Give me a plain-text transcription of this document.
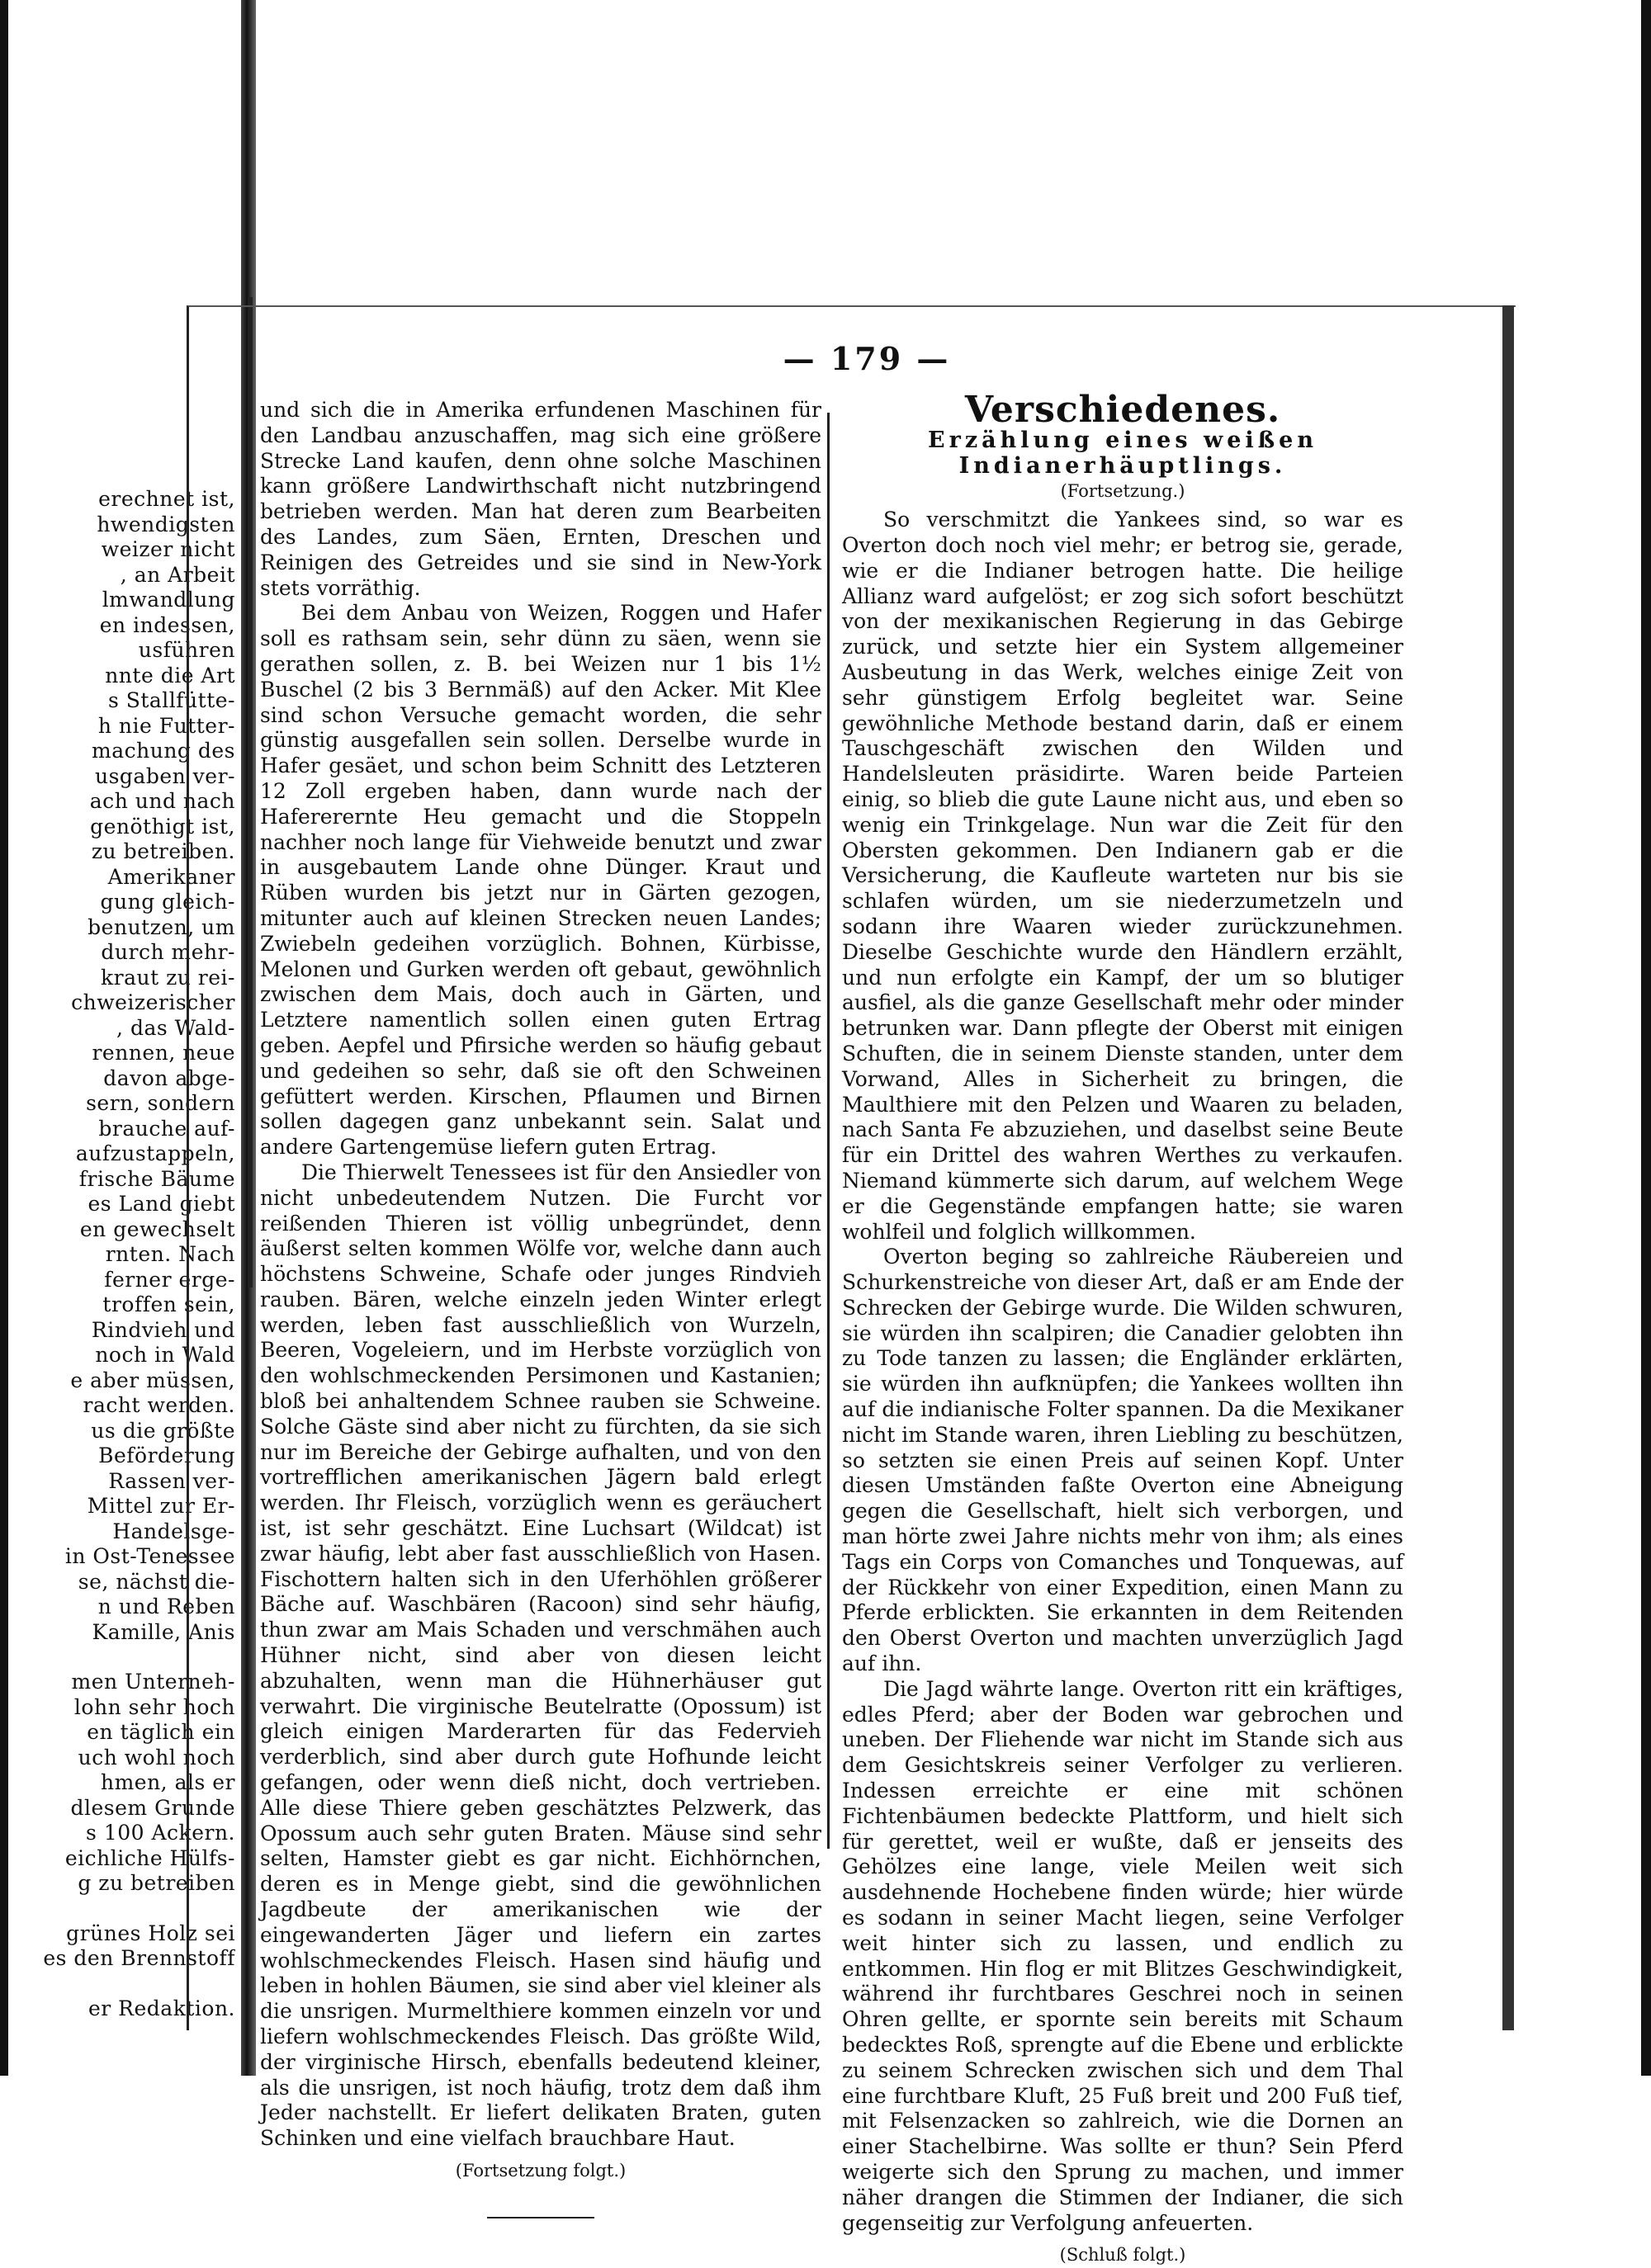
erechnet ist,
hwendigsten
weizer nicht
, an Arbeit
lmwandlung
en indessen,
usführen
nnte die Art
s Stallfütte-
h nie Futter-
machung des
usgaben ver-
ach und nach
genöthigt ist,
zu betreiben.
Amerikaner
gung gleich-
benutzen, um
durch mehr-
kraut zu rei-
chweizerischer
, das Wald-
rennen, neue
davon abge-
sern, sondern
brauche auf-
aufzustappeln,
frische Bäume
es Land giebt
en gewechselt
rnten. Nach
ferner erge-
troffen sein,
Rindvieh und
noch in Wald
e aber müssen,
racht werden.
us die größte
Beförderung
Rassen ver-
Mittel zur Er-
Handelsge-
in Ost-Tenessee
se, nächst die-
n und Reben
Kamille, Anis
men Unterneh-
lohn sehr hoch
en täglich ein
uch wohl noch
hmen, als er
dlesem Grunde
s 100 Ackern.
eichliche Hülfs-
g zu betreiben
grünes Holz sei
es den Brennstoff
er Redaktion.
— 179 —

und sich die in Amerika erfundenen Maschinen für den Landbau anzuschaffen, mag sich eine größere Strecke Land kaufen, denn ohne solche Maschinen kann größere Landwirthschaft nicht nutzbringend betrieben werden. Man hat deren zum Bearbeiten des Landes, zum Säen, Ernten, Dreschen und Reinigen des Getreides und sie sind in New-York stets vorräthig.

Bei dem Anbau von Weizen, Roggen und Hafer soll es rathsam sein, sehr dünn zu säen, wenn sie gerathen sollen, z. B. bei Weizen nur 1 bis 1½ Buschel (2 bis 3 Bernmäß) auf den Acker. Mit Klee sind schon Versuche gemacht worden, die sehr günstig ausgefallen sein sollen. Derselbe wurde in Hafer gesäet, und schon beim Schnitt des Letzteren 12 Zoll ergeben haben, dann wurde nach der Hafererernte Heu gemacht und die Stoppeln nachher noch lange für Viehweide benutzt und zwar in ausgebautem Lande ohne Dünger. Kraut und Rüben wurden bis jetzt nur in Gärten gezogen, mitunter auch auf kleinen Strecken neuen Landes; Zwiebeln gedeihen vorzüglich. Bohnen, Kürbisse, Melonen und Gurken werden oft gebaut, gewöhnlich zwischen dem Mais, doch auch in Gärten, und Letztere namentlich sollen einen guten Ertrag geben. Aepfel und Pfirsiche werden so häufig gebaut und gedeihen so sehr, daß sie oft den Schweinen gefüttert werden. Kirschen, Pflaumen und Birnen sollen dagegen ganz unbekannt sein. Salat und andere Gartengemüse liefern guten Ertrag.

Die Thierwelt Tenessees ist für den Ansiedler von nicht unbedeutendem Nutzen. Die Furcht vor reißenden Thieren ist völlig unbegründet, denn äußerst selten kommen Wölfe vor, welche dann auch höchstens Schweine, Schafe oder junges Rindvieh rauben. Bären, welche einzeln jeden Winter erlegt werden, leben fast ausschließlich von Wurzeln, Beeren, Vogeleiern, und im Herbste vorzüglich von den wohlschmeckenden Persimonen und Kastanien; bloß bei anhaltendem Schnee rauben sie Schweine. Solche Gäste sind aber nicht zu fürchten, da sie sich nur im Bereiche der Gebirge aufhalten, und von den vortrefflichen amerikanischen Jägern bald erlegt werden. Ihr Fleisch, vorzüglich wenn es geräuchert ist, ist sehr geschätzt. Eine Luchsart (Wildcat) ist zwar häufig, lebt aber fast ausschließlich von Hasen. Fischottern halten sich in den Uferhöhlen größerer Bäche auf. Waschbären (Racoon) sind sehr häufig, thun zwar am Mais Schaden und verschmähen auch Hühner nicht, sind aber von diesen leicht abzuhalten, wenn man die Hühnerhäuser gut verwahrt. Die virginische Beutelratte (Opossum) ist gleich einigen Marderarten für das Federvieh verderblich, sind aber durch gute Hofhunde leicht gefangen, oder wenn dieß nicht, doch vertrieben. Alle diese Thiere geben geschätztes Pelzwerk, das Opossum auch sehr guten Braten. Mäuse sind sehr selten, Hamster giebt es gar nicht. Eichhörnchen, deren es in Menge giebt, sind die gewöhnlichen Jagdbeute der amerikanischen wie der eingewanderten Jäger und liefern ein zartes wohlschmeckendes Fleisch. Hasen sind häufig und leben in hohlen Bäumen, sie sind aber viel kleiner als die unsrigen. Murmelthiere kommen einzeln vor und liefern wohlschmeckendes Fleisch. Das größte Wild, der virginische Hirsch, ebenfalls bedeutend kleiner, als die unsrigen, ist noch häufig, trotz dem daß ihm Jeder nachstellt. Er liefert delikaten Braten, guten Schinken und eine vielfach brauchbare Haut.

(Fortsetzung folgt.)
Verschiedenes.
Erzählung eines weißen Indianerhäuptlings.
(Fortsetzung.)

So verschmitzt die Yankees sind, so war es Overton doch noch viel mehr; er betrog sie, gerade, wie er die Indianer betrogen hatte. Die heilige Allianz ward aufgelöst; er zog sich sofort beschützt von der mexikanischen Regierung in das Gebirge zurück, und setzte hier ein System allgemeiner Ausbeutung in das Werk, welches einige Zeit von sehr günstigem Erfolg begleitet war. Seine gewöhnliche Methode bestand darin, daß er einem Tauschgeschäft zwischen den Wilden und Handelsleuten präsidirte. Waren beide Parteien einig, so blieb die gute Laune nicht aus, und eben so wenig ein Trinkgelage. Nun war die Zeit für den Obersten gekommen. Den Indianern gab er die Versicherung, die Kaufleute warteten nur bis sie schlafen würden, um sie niederzumetzeln und sodann ihre Waaren wieder zurückzunehmen. Dieselbe Geschichte wurde den Händlern erzählt, und nun erfolgte ein Kampf, der um so blutiger ausfiel, als die ganze Gesellschaft mehr oder minder betrunken war. Dann pflegte der Oberst mit einigen Schuften, die in seinem Dienste standen, unter dem Vorwand, Alles in Sicherheit zu bringen, die Maulthiere mit den Pelzen und Waaren zu beladen, nach Santa Fe abzuziehen, und daselbst seine Beute für ein Drittel des wahren Werthes zu verkaufen. Niemand kümmerte sich darum, auf welchem Wege er die Gegenstände empfangen hatte; sie waren wohlfeil und folglich willkommen.

Overton beging so zahlreiche Räubereien und Schurkenstreiche von dieser Art, daß er am Ende der Schrecken der Gebirge wurde. Die Wilden schwuren, sie würden ihn scalpiren; die Canadier gelobten ihn zu Tode tanzen zu lassen; die Engländer erklärten, sie würden ihn aufknüpfen; die Yankees wollten ihn auf die indianische Folter spannen. Da die Mexikaner nicht im Stande waren, ihren Liebling zu beschützen, so setzten sie einen Preis auf seinen Kopf. Unter diesen Umständen faßte Overton eine Abneigung gegen die Gesellschaft, hielt sich verborgen, und man hörte zwei Jahre nichts mehr von ihm; als eines Tags ein Corps von Comanches und Tonquewas, auf der Rückkehr von einer Expedition, einen Mann zu Pferde erblickten. Sie erkannten in dem Reitenden den Oberst Overton und machten unverzüglich Jagd auf ihn.

Die Jagd währte lange. Overton ritt ein kräftiges, edles Pferd; aber der Boden war gebrochen und uneben. Der Fliehende war nicht im Stande sich aus dem Gesichtskreis seiner Verfolger zu verlieren. Indessen erreichte er eine mit schönen Fichtenbäumen bedeckte Plattform, und hielt sich für gerettet, weil er wußte, daß er jenseits des Gehölzes eine lange, viele Meilen weit sich ausdehnende Hochebene finden würde; hier würde es sodann in seiner Macht liegen, seine Verfolger weit hinter sich zu lassen, und endlich zu entkommen. Hin flog er mit Blitzes Geschwindigkeit, während ihr furchtbares Geschrei noch in seinen Ohren gellte, er spornte sein bereits mit Schaum bedecktes Roß, sprengte auf die Ebene und erblickte zu seinem Schrecken zwischen sich und dem Thal eine furchtbare Kluft, 25 Fuß breit und 200 Fuß tief, mit Felsenzacken so zahlreich, wie die Dornen an einer Stachelbirne. Was sollte er thun? Sein Pferd weigerte sich den Sprung zu machen, und immer näher drangen die Stimmen der Indianer, die sich gegenseitig zur Verfolgung anfeuerten.

(Schluß folgt.)
